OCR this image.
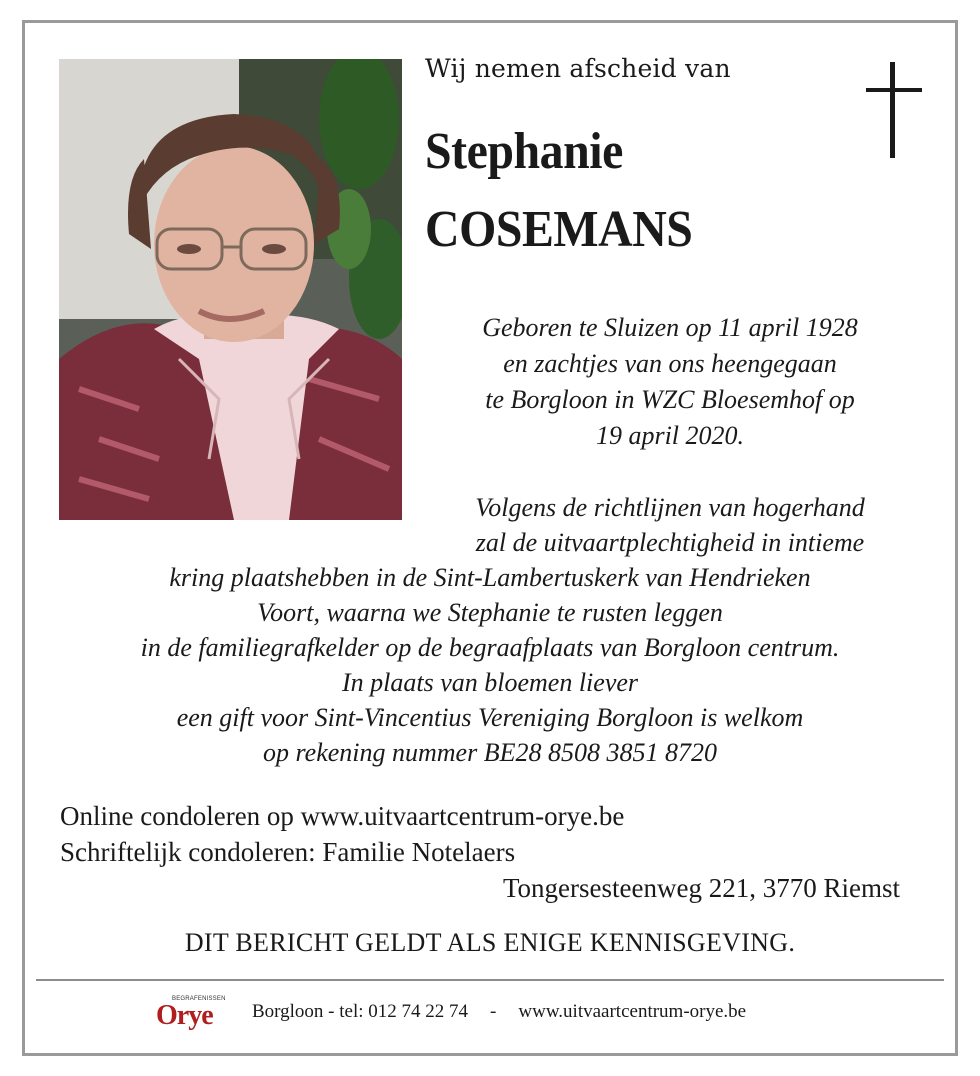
Wij nemen afscheid van
Stephanie
COSEMANS
Geboren te Sluizen op 11 april 1928
en zachtjes van ons heengegaan
te Borgloon in WZC Bloesemhof op
19 april 2020.
Volgens de richtlijnen van hogerhand
zal de uitvaartplechtigheid in intieme
kring plaatshebben in de Sint-Lambertuskerk van Hendrieken
Voort, waarna we Stephanie te rusten leggen
in de familiegrafkelder op de begraafplaats van Borgloon centrum.
In plaats van bloemen liever
een gift voor Sint-Vincentius Vereniging Borgloon is welkom
op rekening nummer BE28 8508 3851 8720
Online condoleren op www.uitvaartcentrum-orye.be
Schriftelijk condoleren: Familie Notelaers
Tongersesteenweg 221, 3770 Riemst
DIT BERICHT GELDT ALS ENIGE KENNISGEVING.
BEGRAFENISSEN
Orye Borgloon - tel: 012 74 22 74 - www.uitvaartcentrum-orye.be
